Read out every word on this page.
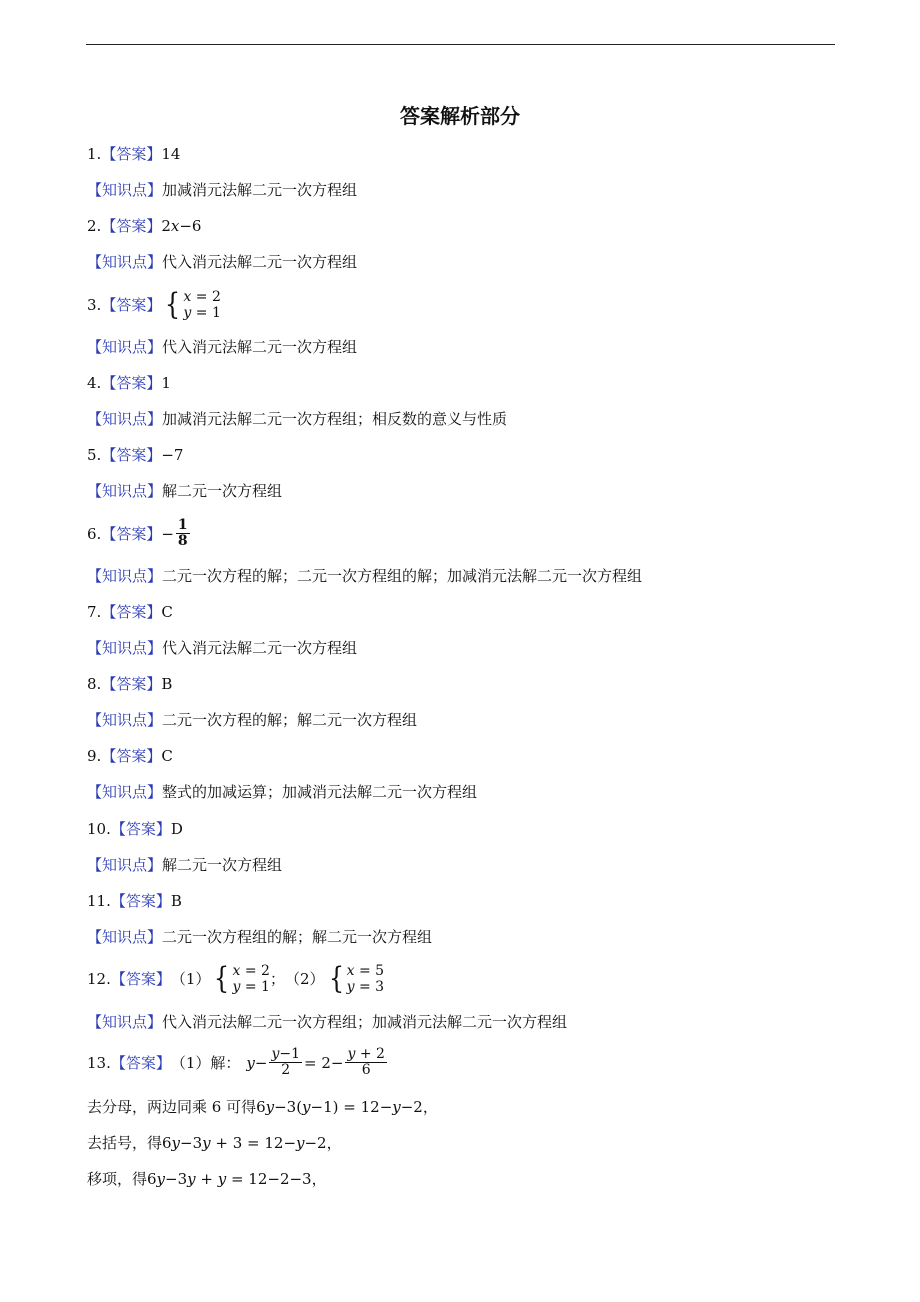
答案解析部分
1. 【答案】 14
【知识点】 加减消元法解二元一次方程组
2. 【答案】 2𝑥−6
【知识点】 代入消元法解二元一次方程组
3. 【答案】 { 𝑥 = 2
𝑦 = 1
【知识点】 代入消元法解二元一次方程组
4. 【答案】 1
【知识点】 加减消元法解二元一次方程组；相反数的意义与性质
5. 【答案】 −7
【知识点】 解二元一次方程组
6. 【答案】 − $\frac{1}{8}$
【知识点】 二元一次方程的解；二元一次方程组的解；加减消元法解二元一次方程组
7. 【答案】 C
【知识点】 代入消元法解二元一次方程组
8. 【答案】 B
【知识点】 二元一次方程的解；解二元一次方程组
9. 【答案】 C
【知识点】 整式的加减运算；加减消元法解二元一次方程组
10. 【答案】 D
【知识点】 解二元一次方程组
11. 【答案】 B
【知识点】 二元一次方程组的解；解二元一次方程组
12. 【答案】 （1） { 𝑥 = 2
𝑦 = 1 ； （2） { 𝑥 = 5
𝑦 = 3
【知识点】 代入消元法解二元一次方程组；加减消元法解二元一次方程组
13. 【答案】 （1）解： 𝑦− $\frac{\text{𝑦−1}}{2} = 2- \frac{\text{𝑦 + 2}}{6}$
去分母，两边同乘 6 可得6𝑦−3(𝑦−1) = 12−𝑦−2，
去括号，得6𝑦−3𝑦 + 3 = 12−𝑦−2，
移项，得6𝑦−3𝑦 + 𝑦 = 12−2−3，
